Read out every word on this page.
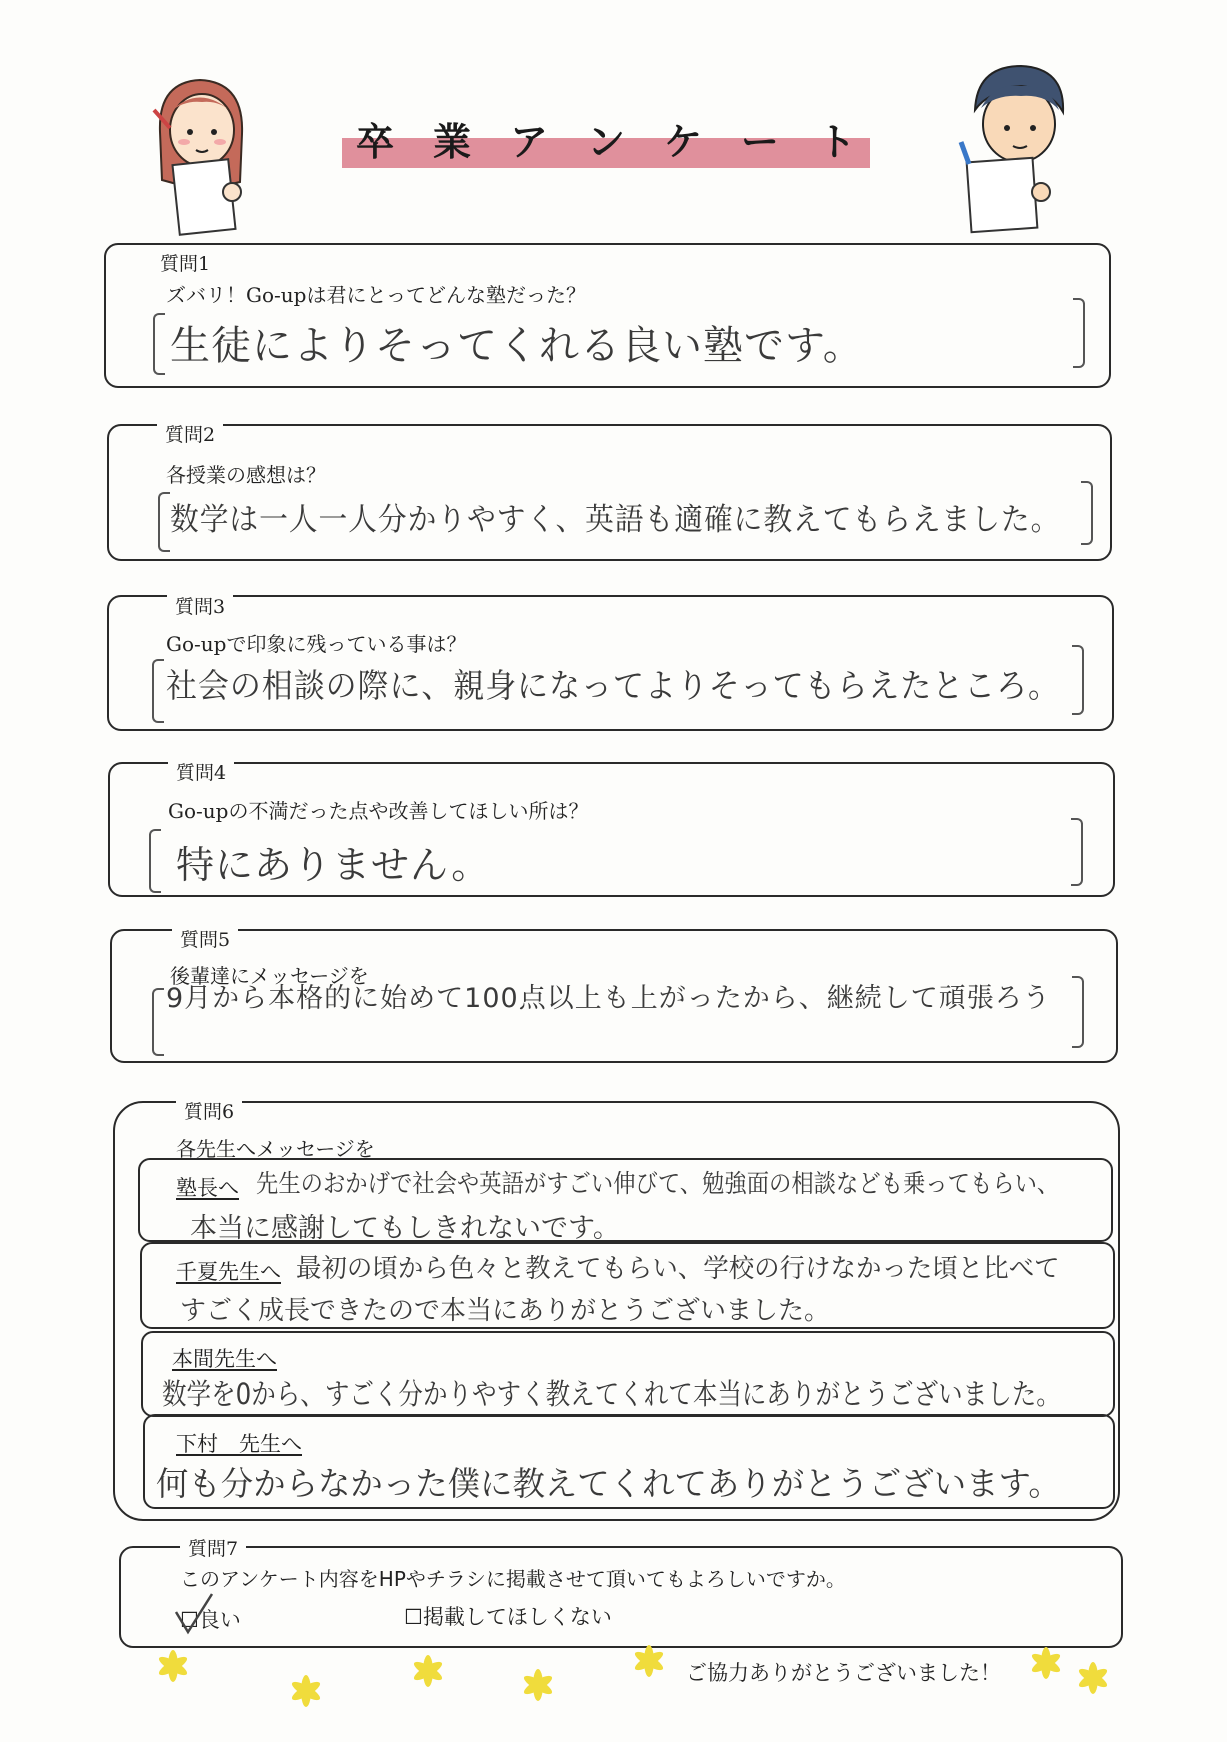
卒 業 ア ン ケ ー ト
質問1
ズバリ！Go-upは君にとってどんな塾だった？
生徒によりそってくれる良い塾です。
質問2
各授業の感想は？
数学は一人一人分かりやすく、英語も適確に教えてもらえました。
質問3
Go-upで印象に残っている事は？
社会の相談の際に、親身になってよりそってもらえたところ。
質問4
Go-upの不満だった点や改善してほしい所は？
特にありません。
質問5
後輩達にメッセージを
9月から本格的に始めて100点以上も上がったから、継続して頑張ろう
質問6
各先生へメッセージを
塾長へ 先生のおかげで社会や英語がすごい伸びて、勉強面の相談なども乗ってもらい、
本当に感謝してもしきれないです。
千夏先生へ 最初の頃から色々と教えてもらい、学校の行けなかった頃と比べて
すごく成長できたので本当にありがとうございました。
本間先生へ
数学を0から、すごく分かりやすく教えてくれて本当にありがとうございました。
下村　先生へ
何も分からなかった僕に教えてくれてありがとうございます。
質問7
このアンケート内容をHPやチラシに掲載させて頂いてもよろしいですか。
☐良い	☐掲載してほしくない
ご協力ありがとうございました！
